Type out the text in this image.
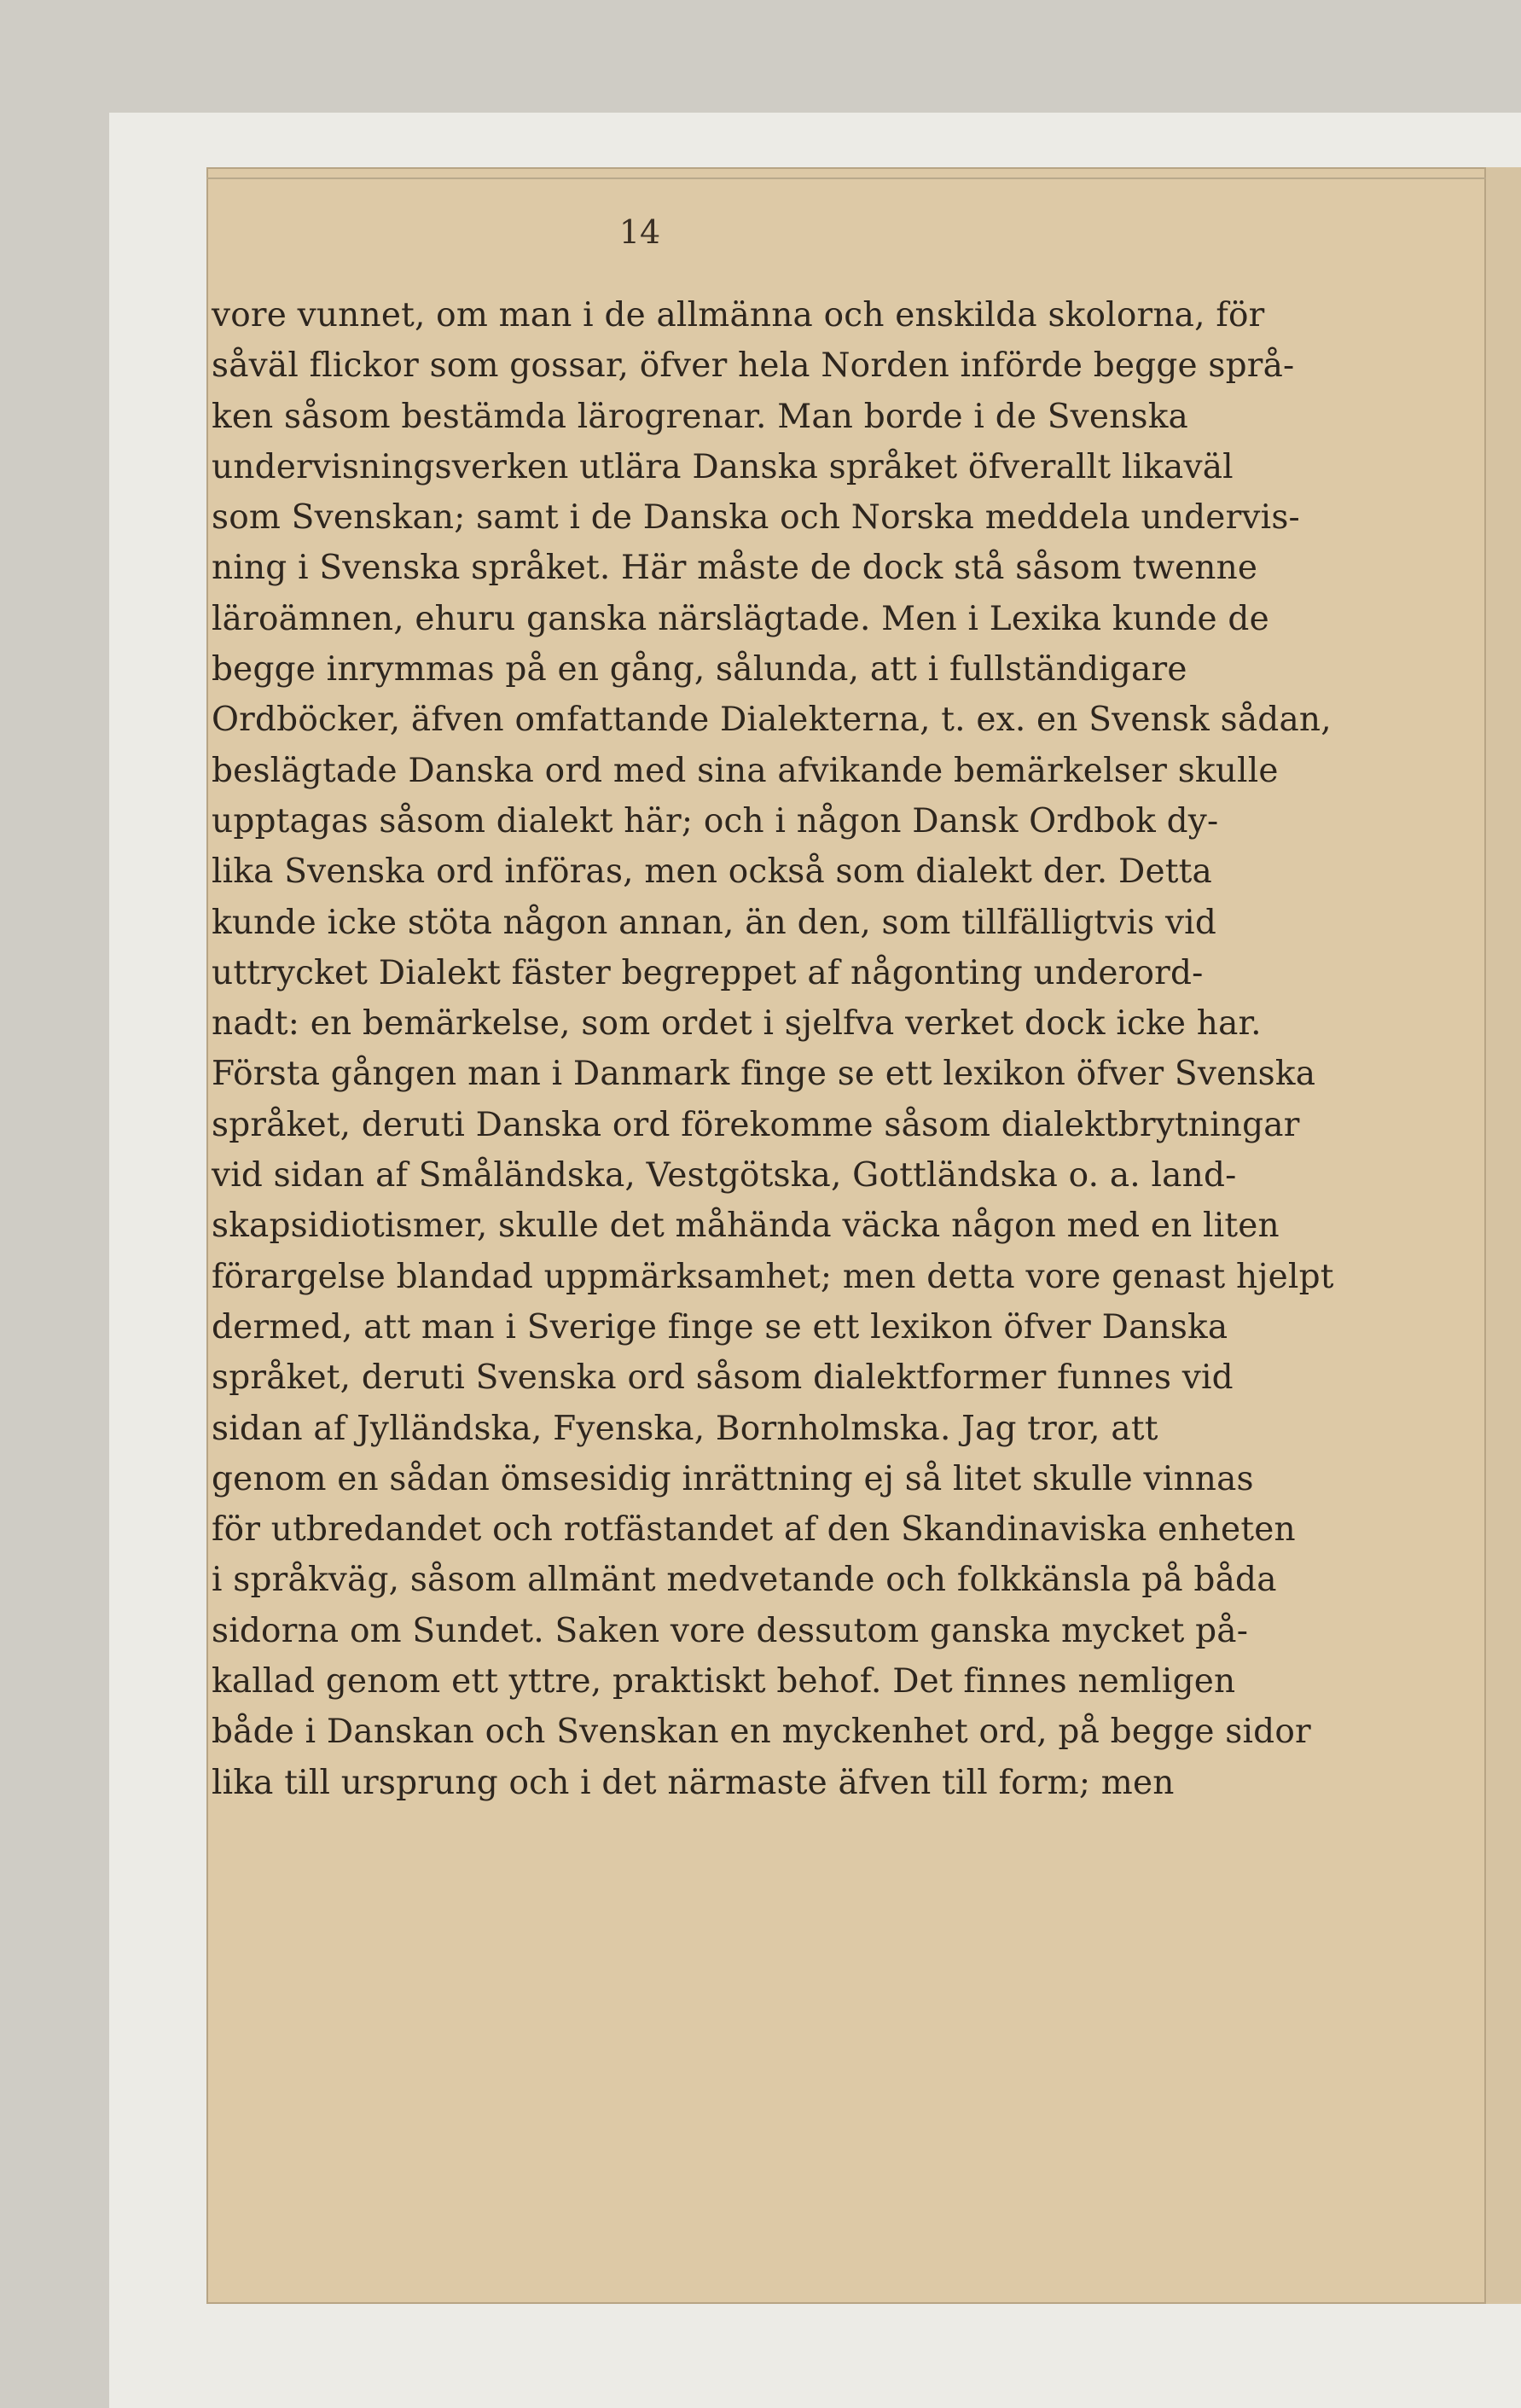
14
vore vunnet, om man i de allmänna och enskilda skolorna, för
såväl flickor som gossar, öfver hela Norden införde begge språ-
ken såsom bestämda lärogrenar. Man borde i de Svenska
undervisningsverken utlära Danska språket öfverallt likaväl
som Svenskan; samt i de Danska och Norska meddela undervis-
ning i Svenska språket. Här måste de dock stå såsom twenne
läroämnen, ehuru ganska närslägtade. Men i Lexika kunde de
begge inrymmas på en gång, sålunda, att i fullständigare
Ordböcker, äfven omfattande Dialekterna, t. ex. en Svensk sådan,
beslägtade Danska ord med sina afvikande bemärkelser skulle
upptagas såsom dialekt här; och i någon Dansk Ordbok dy-
lika Svenska ord införas, men också som dialekt der. Detta
kunde icke stöta någon annan, än den, som tillfälligtvis vid
uttrycket Dialekt fäster begreppet af någonting underord-
nadt: en bemärkelse, som ordet i sjelfva verket dock icke har.
Första gången man i Danmark finge se ett lexikon öfver Svenska
språket, deruti Danska ord förekomme såsom dialektbrytningar
vid sidan af Småländska, Vestgötska, Gottländska o. a. land-
skapsidiotismer, skulle det måhända väcka någon med en liten
förargelse blandad uppmärksamhet; men detta vore genast hjelpt
dermed, att man i Sverige finge se ett lexikon öfver Danska
språket, deruti Svenska ord såsom dialektformer funnes vid
sidan af Jylländska, Fyenska, Bornholmska. Jag tror, att
genom en sådan ömsesidig inrättning ej så litet skulle vinnas
för utbredandet och rotfästandet af den Skandinaviska enheten
i språkväg, såsom allmänt medvetande och folkkänsla på båda
sidorna om Sundet. Saken vore dessutom ganska mycket på-
kallad genom ett yttre, praktiskt behof. Det finnes nemligen
både i Danskan och Svenskan en myckenhet ord, på begge sidor
lika till ursprung och i det närmaste äfven till form; men
